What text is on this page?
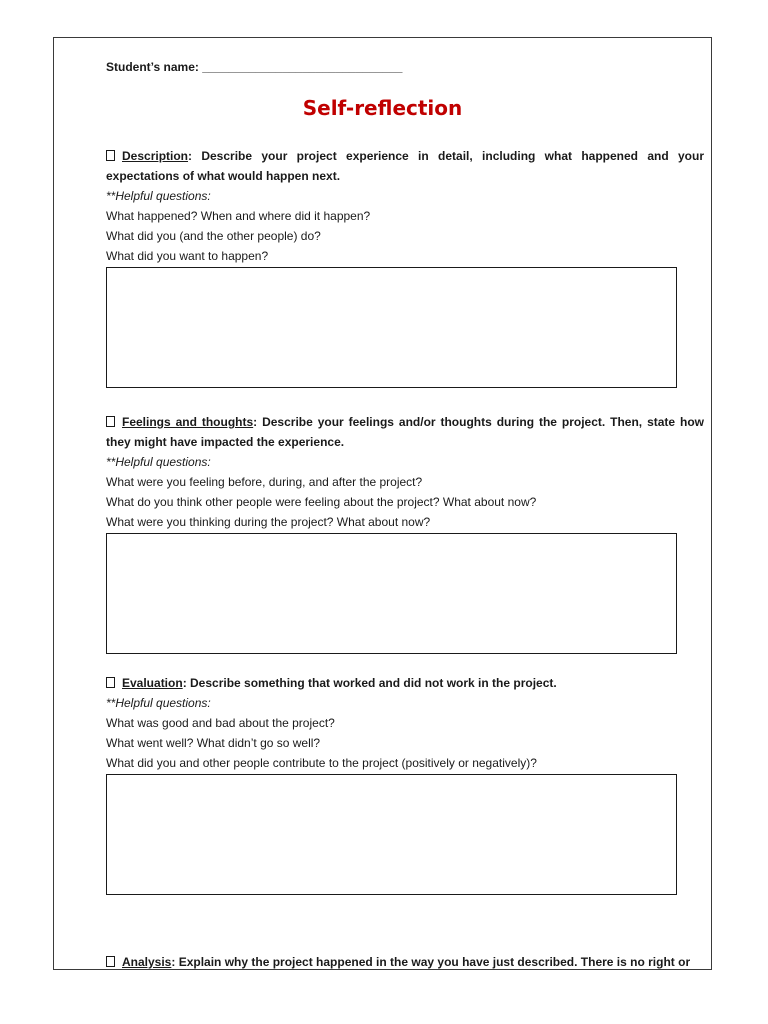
Student’s name: ______________________________
Self-reflection
Description: Describe your project experience in detail, including what happened and your expectations of what would happen next.
**Helpful questions:
What happened? When and where did it happen?
What did you (and the other people) do?
What did you want to happen?
Feelings and thoughts: Describe your feelings and/or thoughts during the project. Then, state how they might have impacted the experience.
**Helpful questions:
What were you feeling before, during, and after the project?
What do you think other people were feeling about the project? What about now?
What were you thinking during the project? What about now?
Evaluation: Describe something that worked and did not work in the project.
**Helpful questions:
What was good and bad about the project?
What went well? What didn’t go so well?
What did you and other people contribute to the project (positively or negatively)?
Analysis: Explain why the project happened in the way you have just described. There is no right or
